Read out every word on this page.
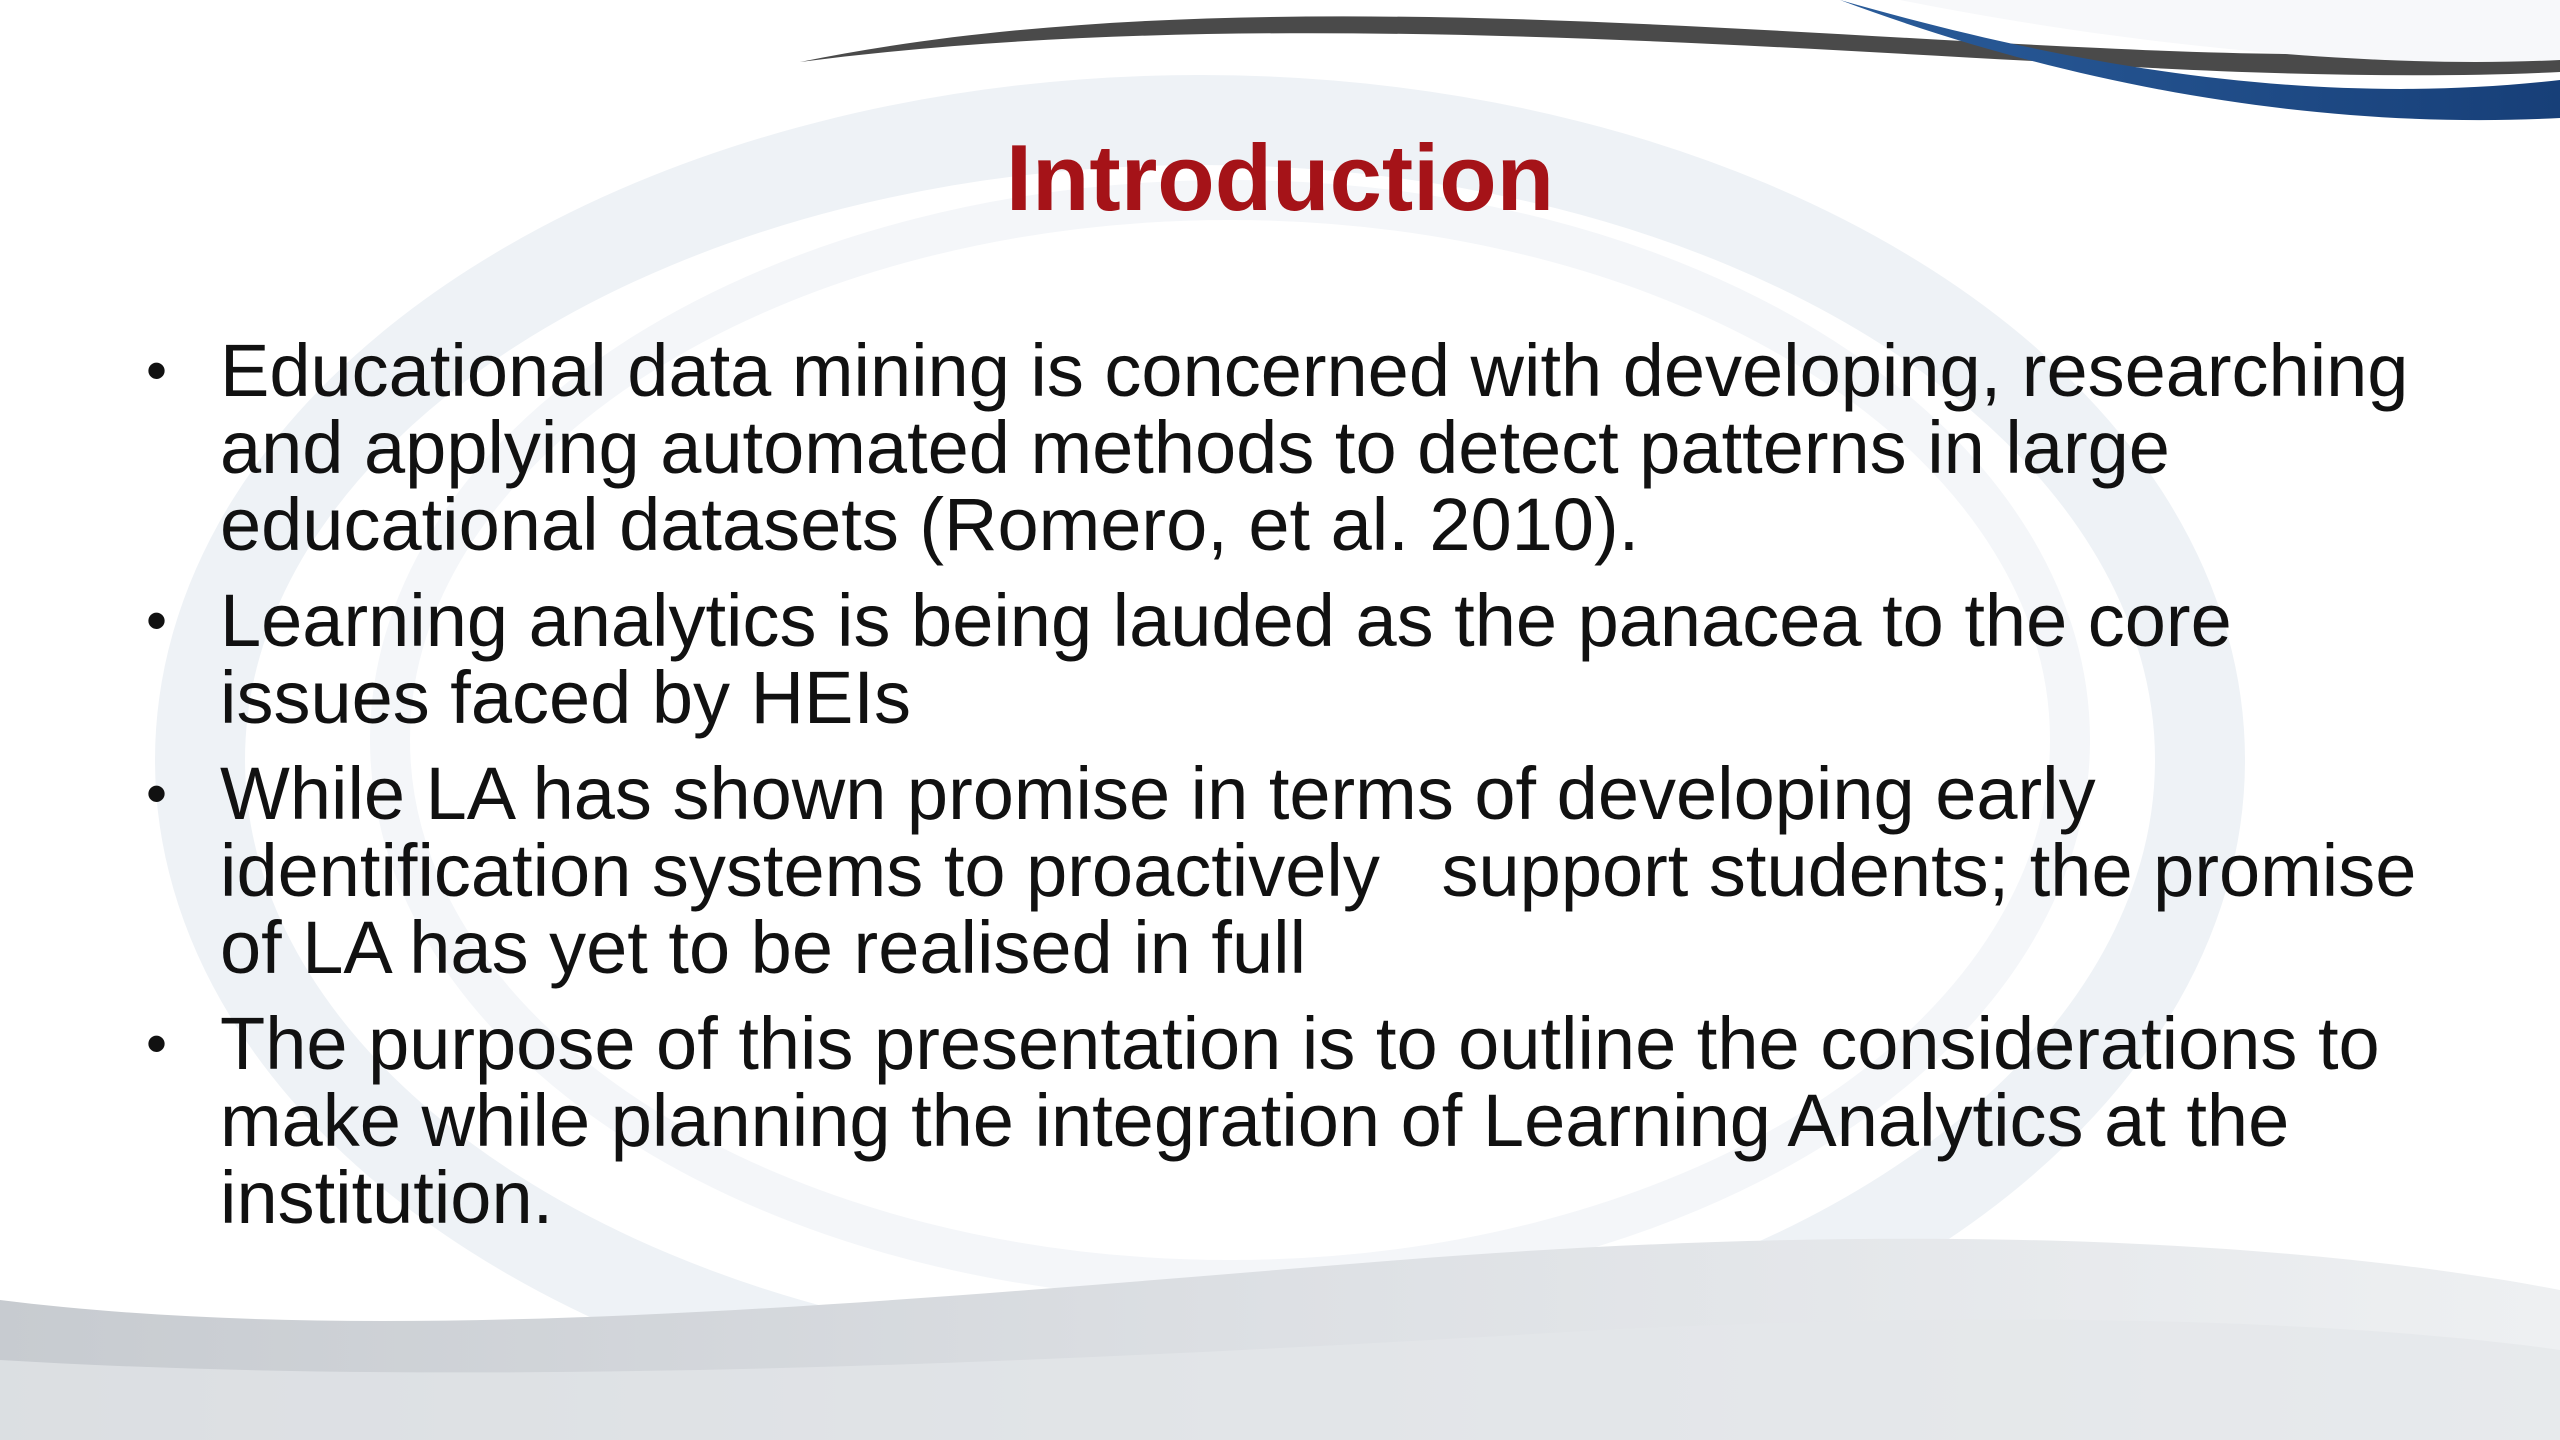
Introduction
• Educational data mining is concerned with developing, researching and applying automated methods to detect patterns in large educational datasets (Romero, et al. 2010).
• Learning analytics is being lauded as the panacea to the core issues faced by HEIs
• While LA has shown promise in terms of developing early identification systems to proactively   support students; the promise of LA has yet to be realised in full
• The purpose of this presentation is to outline the considerations to make while planning the integration of Learning Analytics at the institution.
